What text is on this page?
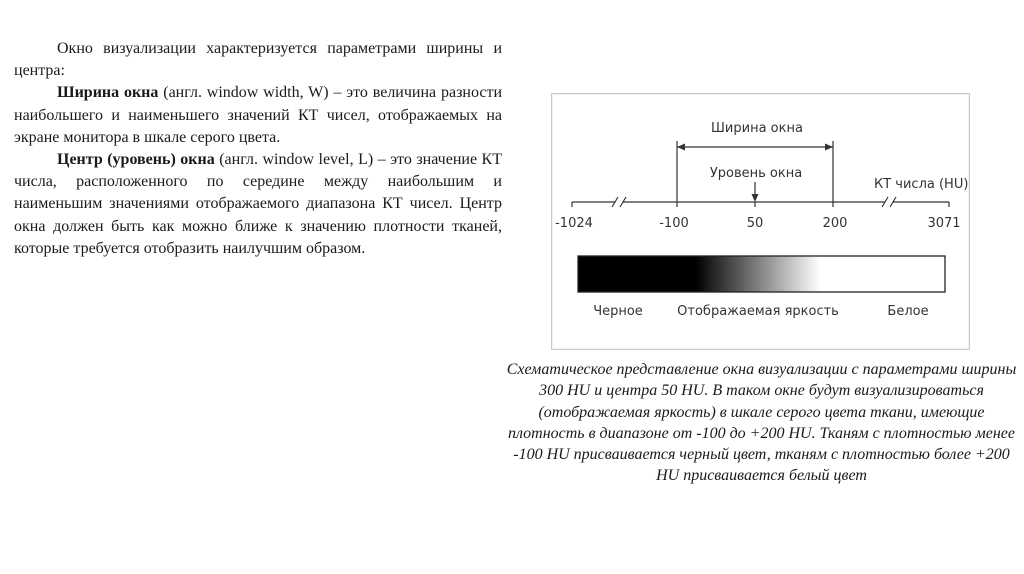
Окно визуализации характеризуется параметрами ширины и центра:

Ширина окна (англ. window width, W) – это величина разности наибольшего и наименьшего значений КТ чисел, отображаемых на экране монитора в шкале серого цвета.

Центр (уровень) окна (англ. window level, L) – это значение КТ числа, расположенного по середине между наибольшим и наименьшим значениями отображаемого диапазона КТ чисел. Центр окна должен быть как можно ближе к значению плотности тканей, которые требуется отобразить наилучшим образом.

Ширина окна
Уровень окна
КТ числа (HU)
-1024	-100	50	200	3071
Черное	Отображаемая яркость	Белое
Схематическое представление окна визуализации с параметрами ширины 300 HU и центра 50 HU. В таком окне будут визуализироваться (отображаемая яркость) в шкале серого цвета ткани, имеющие плотность в диапазоне от -100 до +200 HU. Тканям с плотностью менее -100 HU присваивается черный цвет, тканям с плотностью более +200 HU присваивается белый цвет
